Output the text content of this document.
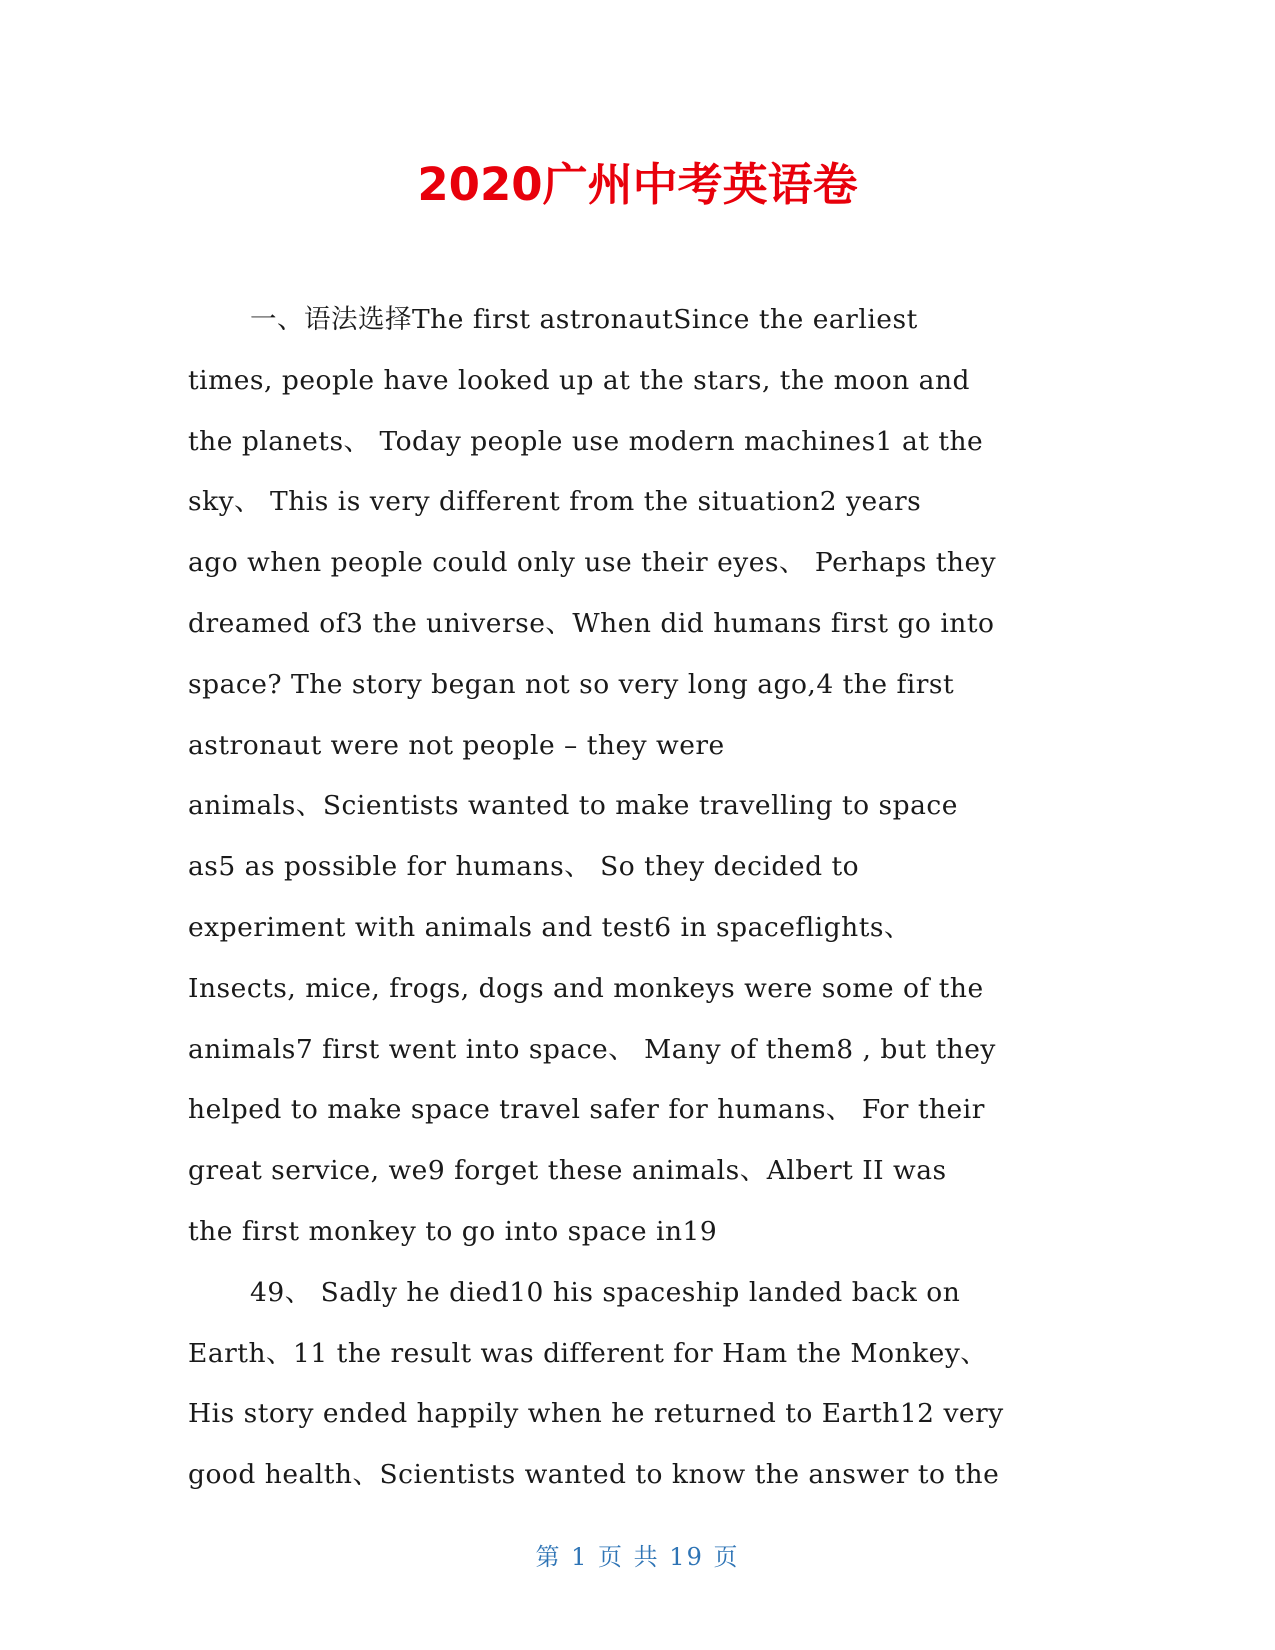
2020广州中考英语卷
一、语法选择The first astronautSince the earliest
times, people have looked up at the stars, the moon and
the planets、 Today people use modern machines1 at the
sky、 This is very different from the situation2 years
ago when people could only use their eyes、 Perhaps they
dreamed of3 the universe、When did humans first go into
space? The story began not so very long ago,4 the first
astronaut were not people – they were
animals、Scientists wanted to make travelling to space
as5 as possible for humans、 So they decided to
experiment with animals and test6 in spaceflights、
Insects, mice, frogs, dogs and monkeys were some of the
animals7 first went into space、 Many of them8 , but they
helped to make space travel safer for humans、 For their
great service, we9 forget these animals、Albert II was
the first monkey to go into space in19
49、 Sadly he died10 his spaceship landed back on
Earth、11 the result was different for Ham the Monkey、
His story ended happily when he returned to Earth12 very
good health、Scientists wanted to know the answer to the
第 1 页 共 19 页
